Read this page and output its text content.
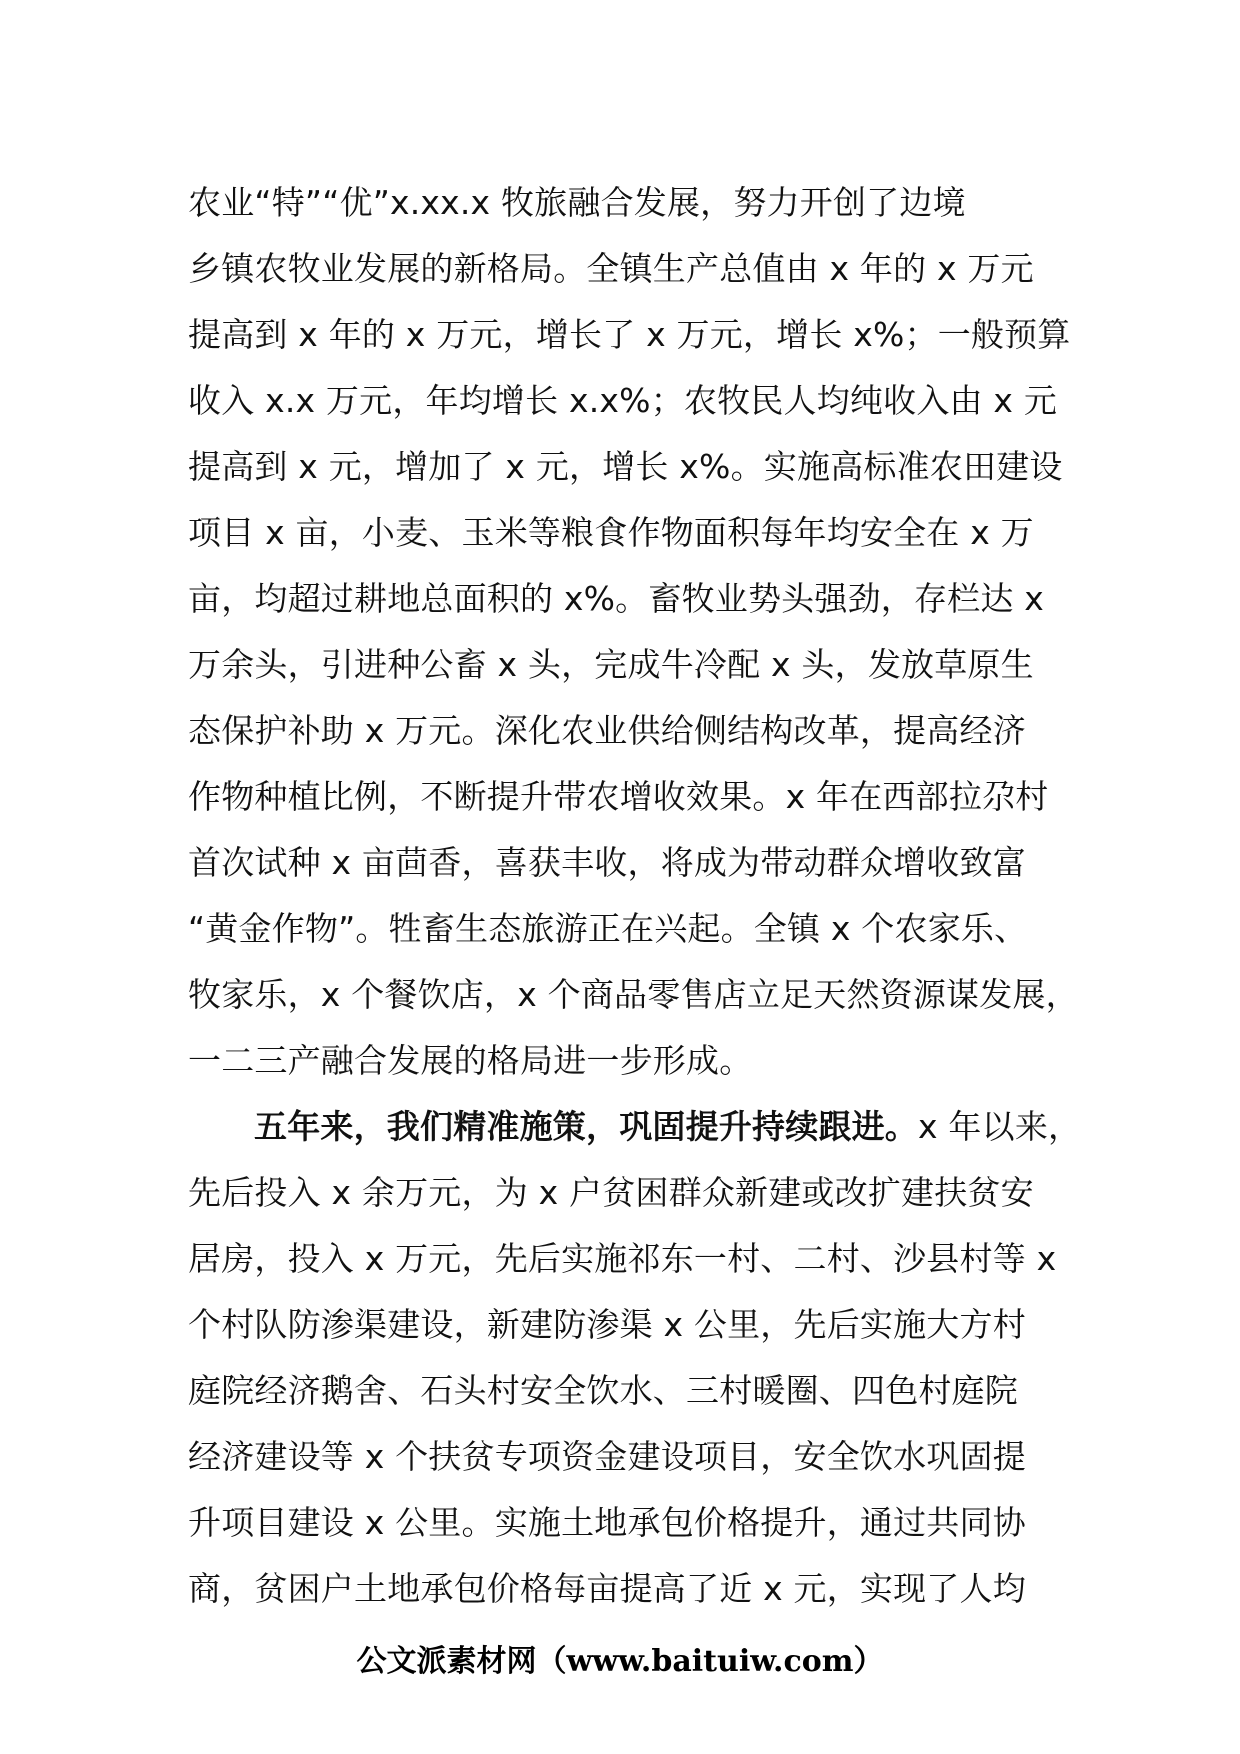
农业“特”“优”x.xx.x 牧旅融合发展，努力开创了边境
乡镇农牧业发展的新格局。全镇生产总值由 x 年的 x 万元
提高到 x 年的 x 万元，增长了 x 万元，增长 x%；一般预算
收入 x.x 万元，年均增长 x.x%；农牧民人均纯收入由 x 元
提高到 x 元，增加了 x 元，增长 x%。实施高标准农田建设
项目 x 亩，小麦、玉米等粮食作物面积每年均安全在 x 万
亩，均超过耕地总面积的 x%。畜牧业势头强劲，存栏达 x
万余头，引进种公畜 x 头，完成牛冷配 x 头，发放草原生
态保护补助 x 万元。深化农业供给侧结构改革，提高经济
作物种植比例，不断提升带农增收效果。x 年在西部拉尕村
首次试种 x 亩茴香，喜获丰收，将成为带动群众增收致富
“黄金作物”。牲畜生态旅游正在兴起。全镇 x 个农家乐、
牧家乐，x 个餐饮店，x 个商品零售店立足天然资源谋发展，
一二三产融合发展的格局进一步形成。
五年来，我们精准施策，巩固提升持续跟进。x 年以来，
先后投入 x 余万元，为 x 户贫困群众新建或改扩建扶贫安
居房，投入 x 万元，先后实施祁东一村、二村、沙县村等 x
个村队防渗渠建设，新建防渗渠 x 公里，先后实施大方村
庭院经济鹅舍、石头村安全饮水、三村暖圈、四色村庭院
经济建设等 x 个扶贫专项资金建设项目，安全饮水巩固提
升项目建设 x 公里。实施土地承包价格提升，通过共同协
商，贫困户土地承包价格每亩提高了近 x 元，实现了人均
公文派素材网（www.baituiw.com）
